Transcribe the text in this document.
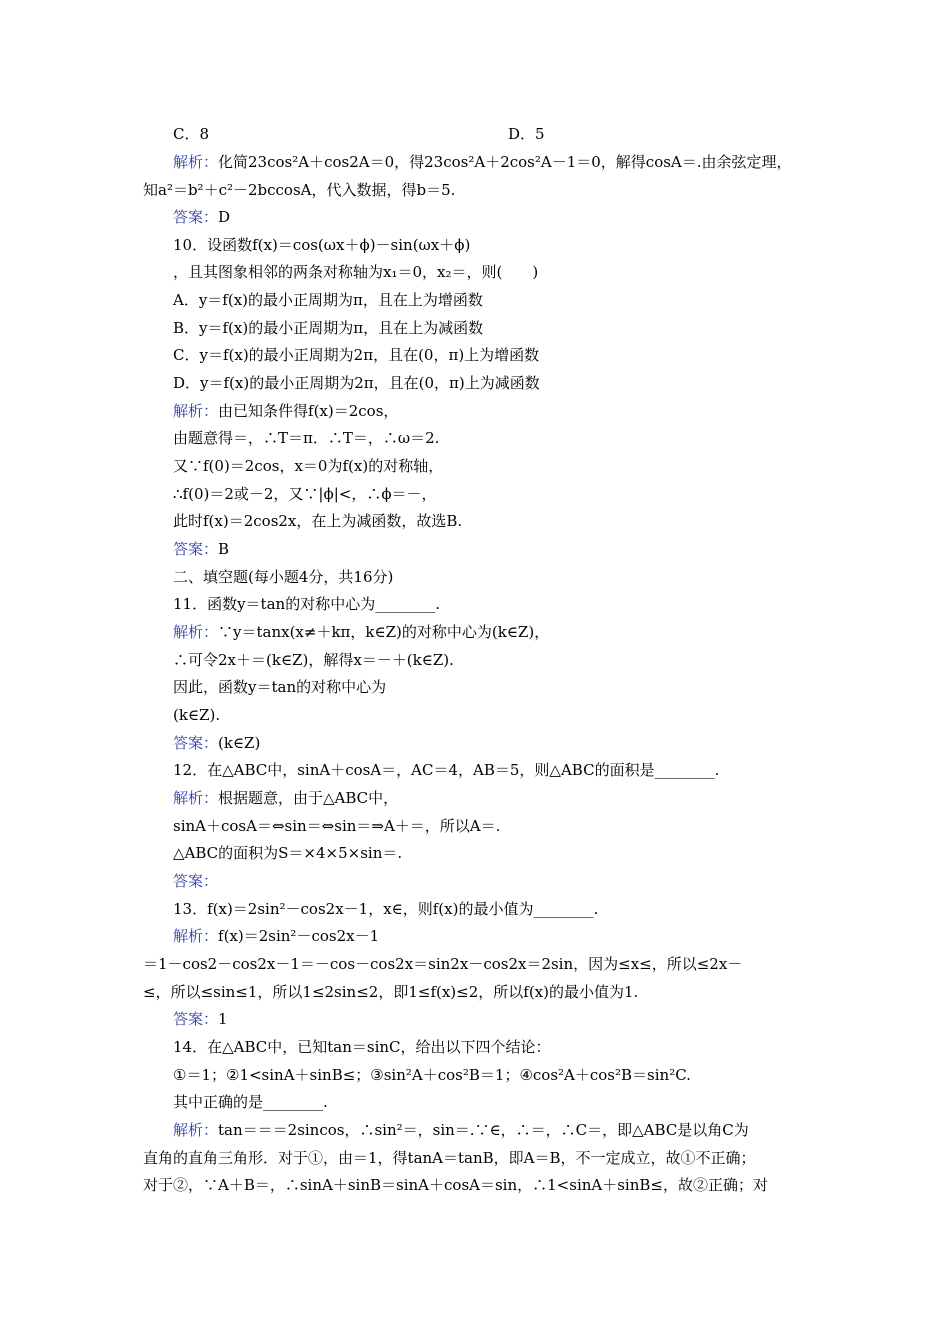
C．8	D．5
解析：化简23cos²A＋cos2A＝0，得23cos²A＋2cos²A－1＝0，解得cosA＝.由余弦定理，
知a²＝b²＋c²－2bccosA，代入数据，得b＝5.
答案：D
10．设函数f(x)＝cos(ωx＋ϕ)－sin(ωx＋ϕ)
，且其图象相邻的两条对称轴为x₁＝0，x₂＝，则(　　)
A．y＝f(x)的最小正周期为π，且在上为增函数
B．y＝f(x)的最小正周期为π，且在上为减函数
C．y＝f(x)的最小正周期为2π，且在(0，π)上为增函数
D．y＝f(x)的最小正周期为2π，且在(0，π)上为减函数
解析：由已知条件得f(x)＝2cos，
由题意得＝，∴T＝π．∴T＝，∴ω＝2.
又∵f(0)＝2cos，x＝0为f(x)的对称轴，
∴f(0)＝2或－2，又∵|ϕ|<，∴ϕ＝－，
此时f(x)＝2cos2x，在上为减函数，故选B.
答案：B
二、填空题(每小题4分，共16分)
11．函数y＝tan的对称中心为________.
解析：∵y＝tanx(x≠＋kπ，k∈Z)的对称中心为(k∈Z)，
∴可令2x＋＝(k∈Z)，解得x＝－＋(k∈Z).
因此，函数y＝tan的对称中心为
(k∈Z).
答案：(k∈Z)
12．在△ABC中，sinA＋cosA＝，AC＝4，AB＝5，则△ABC的面积是________.
解析：根据题意，由于△ABC中，
sinA＋cosA＝⇔sin＝⇔sin＝⇒A＋＝，所以A＝.
△ABC的面积为S＝×4×5×sin＝.
答案：
13．f(x)＝2sin²－cos2x－1，x∈，则f(x)的最小值为________.
解析：f(x)＝2sin²－cos2x－1
＝1－cos2－cos2x－1＝－cos－cos2x＝sin2x－cos2x＝2sin，因为≤x≤，所以≤2x－
≤，所以≤sin≤1，所以1≤2sin≤2，即1≤f(x)≤2，所以f(x)的最小值为1.
答案：1
14．在△ABC中，已知tan＝sinC，给出以下四个结论：
①＝1；②1<sinA＋sinB≤；③sin²A＋cos²B＝1；④cos²A＋cos²B＝sin²C.
其中正确的是________.
解析：tan＝＝＝2sincos，∴sin²＝，sin＝.∵∈，∴＝，∴C＝，即△ABC是以角C为
直角的直角三角形．对于①，由＝1，得tanA＝tanB，即A＝B，不一定成立，故①不正确；
对于②，∵A＋B＝，∴sinA＋sinB＝sinA＋cosA＝sin，∴1<sinA＋sinB≤，故②正确；对
